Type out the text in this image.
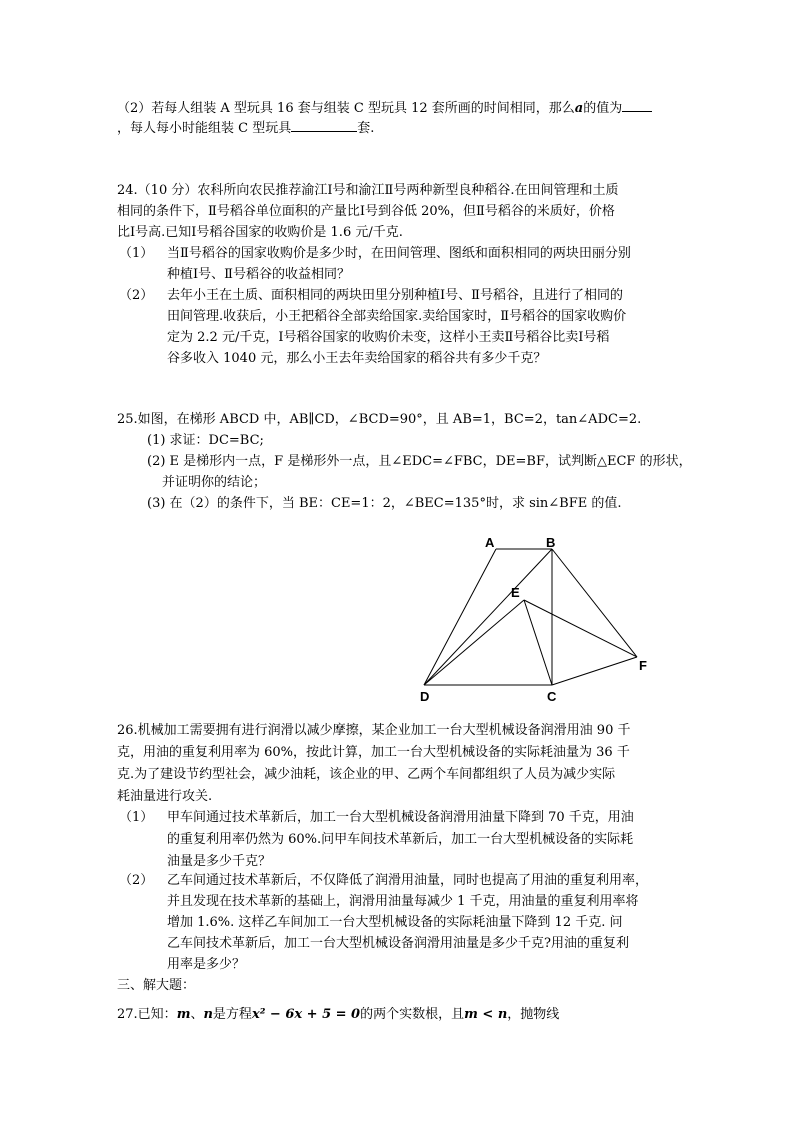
（2）若每人组装 A 型玩具 16 套与组装 C 型玩具 12 套所画的时间相同，那么a的值为
，每人每小时能组装 C 型玩具	套.
24.（10 分）农科所向农民推荐渝江Ⅰ号和渝江Ⅱ号两种新型良种稻谷.在田间管理和土质
相同的条件下，Ⅱ号稻谷单位面积的产量比Ⅰ号到谷低 20%，但Ⅱ号稻谷的米质好，价格
比Ⅰ号高.已知Ⅰ号稻谷国家的收购价是 1.6 元/千克.
（1） 当Ⅱ号稻谷的国家收购价是多少时，在田间管理、图纸和面积相同的两块田丽分别
种植Ⅰ号、Ⅱ号稻谷的收益相同？
（2） 去年小王在土质、面积相同的两块田里分别种植Ⅰ号、Ⅱ号稻谷，且进行了相同的
田间管理.收获后，小王把稻谷全部卖给国家.卖给国家时，Ⅱ号稻谷的国家收购价
定为 2.2 元/千克，Ⅰ号稻谷国家的收购价未变，这样小王卖Ⅱ号稻谷比卖Ⅰ号稻
谷多收入 1040 元，那么小王去年卖给国家的稻谷共有多少千克？
25.如图，在梯形 ABCD 中，AB∥CD，∠BCD=90°，且 AB=1，BC=2，tan∠ADC=2.
(1) 求证：DC=BC;
(2) E 是梯形内一点，F 是梯形外一点，且∠EDC=∠FBC，DE=BF，试判断△ECF 的形状，
并证明你的结论；
(3) 在（2）的条件下，当 BE：CE=1：2，∠BEC=135°时，求 sin∠BFE 的值.
A	B
E
F
D	C
26.机械加工需要拥有进行润滑以减少摩擦，某企业加工一台大型机械设备润滑用油 90 千
克，用油的重复利用率为 60%，按此计算，加工一台大型机械设备的实际耗油量为 36 千
克.为了建设节约型社会，减少油耗，该企业的甲、乙两个车间都组织了人员为减少实际
耗油量进行攻关.
（1） 甲车间通过技术革新后，加工一台大型机械设备润滑用油量下降到 70 千克，用油
的重复利用率仍然为 60%.问甲车间技术革新后，加工一台大型机械设备的实际耗
油量是多少千克？
（2） 乙车间通过技术革新后，不仅降低了润滑用油量，同时也提高了用油的重复利用率，
并且发现在技术革新的基础上，润滑用油量每减少 1 千克，用油量的重复利用率将
增加 1.6%. 这样乙车间加工一台大型机械设备的实际耗油量下降到 12 千克. 问
乙车间技术革新后，加工一台大型机械设备润滑用油量是多少千克?用油的重复利
用率是多少？
三、解大题：
27.已知：m、n是方程x² − 6x + 5 = 0的两个实数根，且m < n，抛物线
